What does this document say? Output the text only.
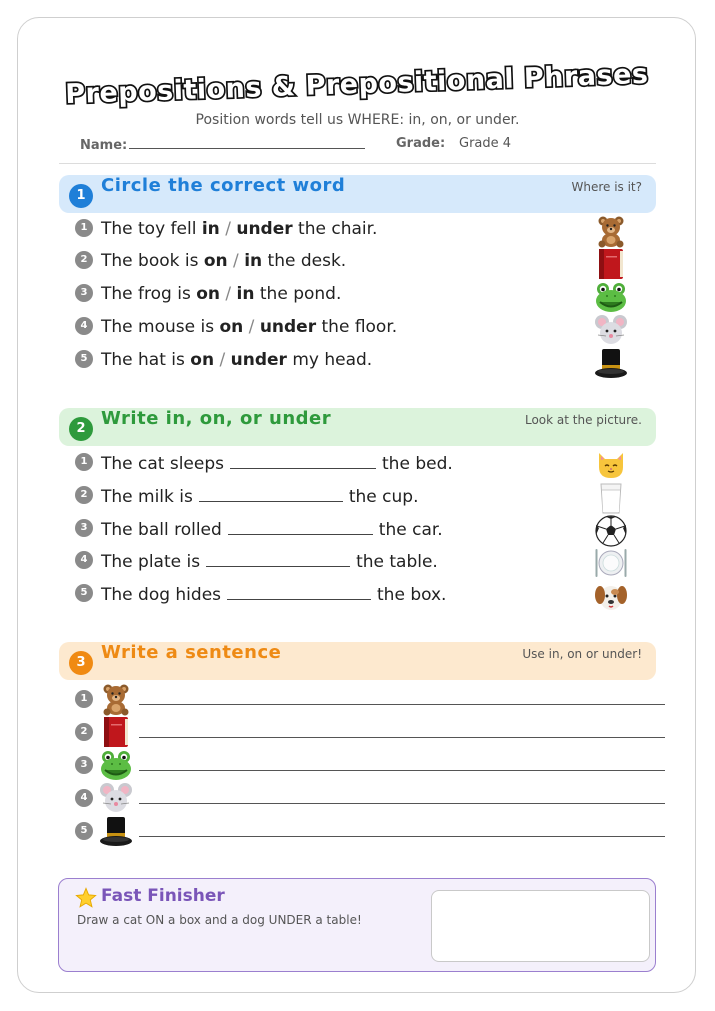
Prepositions & Prepositional Phrases
Position words tell us WHERE: in, on, or under.
Name:	Grade: Grade 4
1 Circle the correct word	Where is it?
1 The toy fell in / under the chair.
2 The book is on / in the desk.
3 The frog is on / in the pond.
4 The mouse is on / under the floor.
5 The hat is on / under my head.
2 Write in, on, or under	Look at the picture.
1 The cat sleeps	the bed.
2 The milk is	the cup.
3 The ball rolled	the car.
4 The plate is	the table.
5 The dog hides	the box.
3 Write a sentence	Use in, on or under!
1
2
3
4
5
Fast Finisher
Draw a cat ON a box and a dog UNDER a table!
